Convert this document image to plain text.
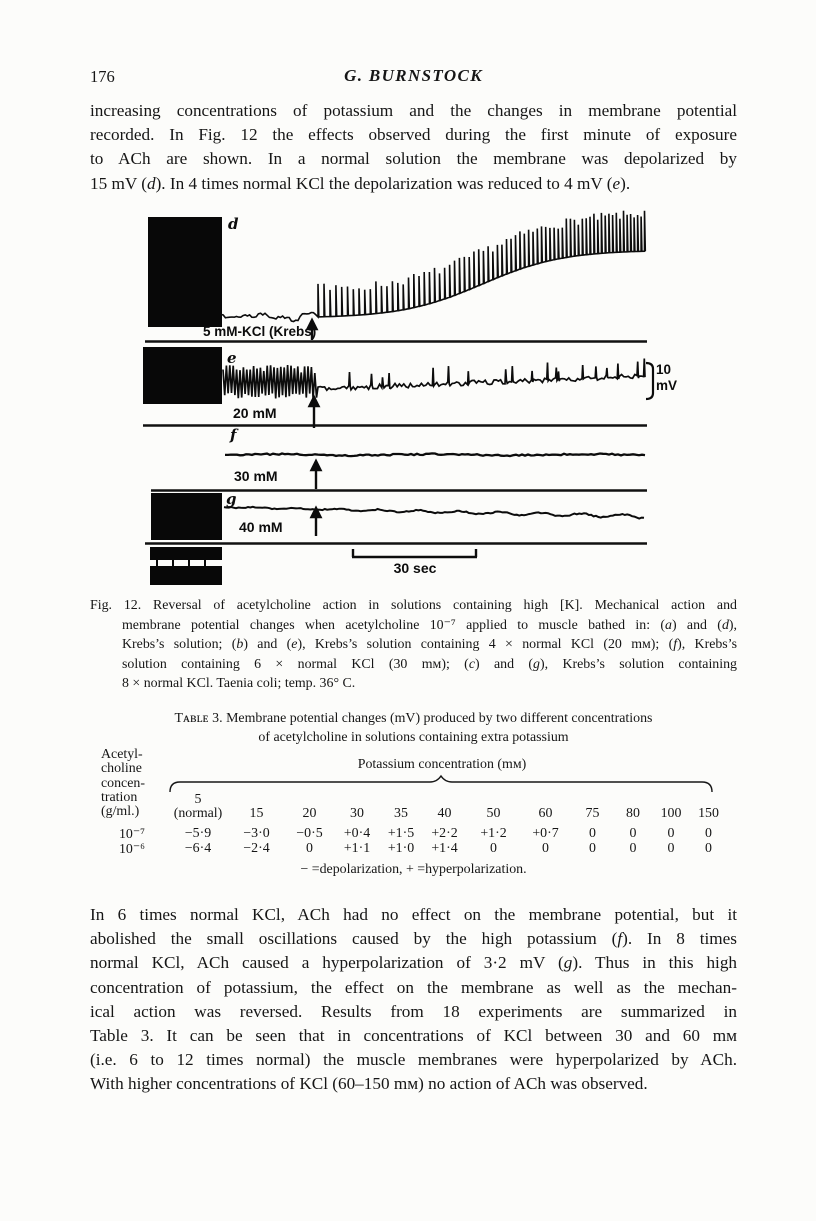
176	G. BURNSTOCK
increasing concentrations of potassium and the changes in membrane potential
recorded. In Fig. 12 the effects observed during the first minute of exposure
to ACh are shown. In a normal solution the membrane was depolarized by
15 mV (d). In 4 times normal KCl the depolarization was reduced to 4 mV (e).
d
e
f
g
5 mM-KCl (Krebs)
20 mM
30 mM
40 mM
10
mV
30 sec
Fig. 12. Reversal of acetylcholine action in solutions containing high [K]. Mechanical action and
membrane potential changes when acetylcholine 10⁻⁷ applied to muscle bathed in: (a) and (d),
Krebs’s solution; (b) and (e), Krebs’s solution containing 4 × normal KCl (20 mᴍ); (f), Krebs’s
solution containing 6 × normal KCl (30 mᴍ); (c) and (g), Krebs’s solution containing
8 × normal KCl. Taenia coli; temp. 36° C.
Tᴀʙʟᴇ 3. Membrane potential changes (mV) produced by two different concentrations
of acetylcholine in solutions containing extra potassium
Acetyl-
choline
concen-
tration
(g/ml.)
Potassium concentration (mᴍ)
5
(normal)	15	20	30	35	40	50	60	75	80	100	150
10⁻⁷	−5·9	−3·0	−0·5	+0·4	+1·5	+2·2	+1·2	+0·7	0	0	0	0
10⁻⁶	−6·4	−2·4	0	+1·1	+1·0	+1·4	0	0	0	0	0	0
− =depolarization, + =hyperpolarization.
In 6 times normal KCl, ACh had no effect on the membrane potential, but it
abolished the small oscillations caused by the high potassium (f). In 8 times
normal KCl, ACh caused a hyperpolarization of 3·2 mV (g). Thus in this high
concentration of potassium, the effect on the membrane as well as the mechan-
ical action was reversed. Results from 18 experiments are summarized in
Table 3. It can be seen that in concentrations of KCl between 30 and 60 mᴍ
(i.e. 6 to 12 times normal) the muscle membranes were hyperpolarized by ACh.
With higher concentrations of KCl (60–150 mᴍ) no action of ACh was observed.
